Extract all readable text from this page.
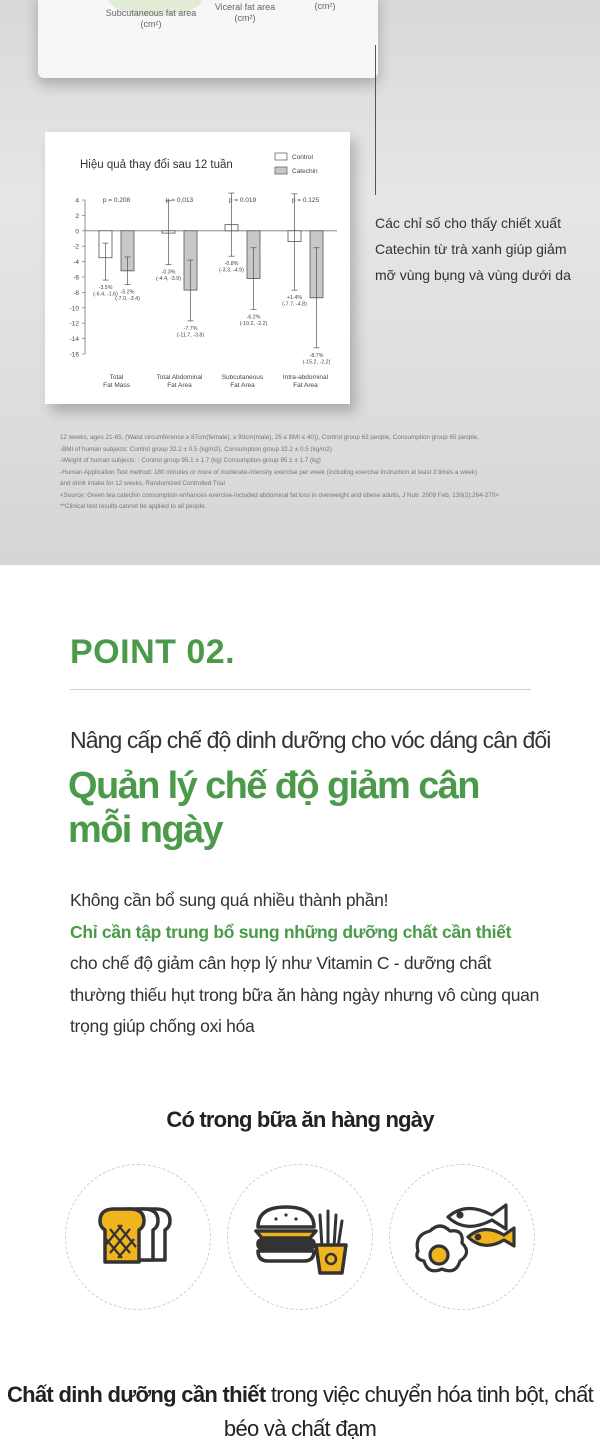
Subcutaneous fat area (cm²)
Viceral fat area (cm²)
(cm²)
Hiệu quả thay đổi sau 12 tuần
Control
Catechin
4
2
0
-2
-4
-6
-8
-10
-12
-14
-16
p = 0.208
-3.5%
(-6.4, -1.6) -5.2%
(-7.0, -3.4)
Total
Fat Mass
p = 0.013
-0.3%
(-4.4, -3.9)
-7.7%
(-11.7, -3.8)
Total Abdominal
Fat Area
p = 0.019
-0.8%
(-3.3, -4.9)
-6.2%
(-10.2, -2.2)
Subcutaneous
Fat Area
p = 0.125
+1.4%
(-7.7, -4.8)
-8.7%
(-15.2, -2.2)
Intra-abdominal
Fat Area
Các chỉ số cho thấy chiết xuất Catechin từ trà xanh giúp giảm mỡ vùng bụng và vùng dưới da
12 weeks, ages 21-65, (Waist circumference ≥ 87cm(female), ≥ 90cm(male), 25 ≤ BMI ≤ 40)), Control group 63 people, Consumption group 65 people,
-BMI of human subjects: Control group 32.2 ± 0.5 (kg/m2), Consumption group 32.2 ± 0.5 (kg/m2)
-Weight of human subjects: : Control group 95.1 ± 1.7 (kg) Consumption group 95.1 ± 1.7 (kg)
-Human Application Test method: 180 minutes or more of moderate-intensity exercise per week (including exercise instruction at least 3 times a week)
and drink intake for 12 weeks, Randomized Controlled Trial
<Source: Green tea catechin consumption enhances exercise-included abdominal fat loss in overweight and obese adults, J Nutr. 2009 Feb, 139(2):264-270>
**Clinical test results cannot be applied to all people.
POINT 02.
Nâng cấp chế độ dinh dưỡng cho vóc dáng cân đối
Quản lý chế độ giảm cân mỗi ngày
Không cần bổ sung quá nhiều thành phần!
Chỉ cần tập trung bổ sung những dưỡng chất cần thiết cho chế độ giảm cân hợp lý như Vitamin C - dưỡng chất thường thiếu hụt trong bữa ăn hàng ngày nhưng vô cùng quan trọng giúp chống oxi hóa
Có trong bữa ăn hàng ngày
Chất dinh dưỡng cần thiết trong việc chuyển hóa tinh bột, chất béo và chất đạm
